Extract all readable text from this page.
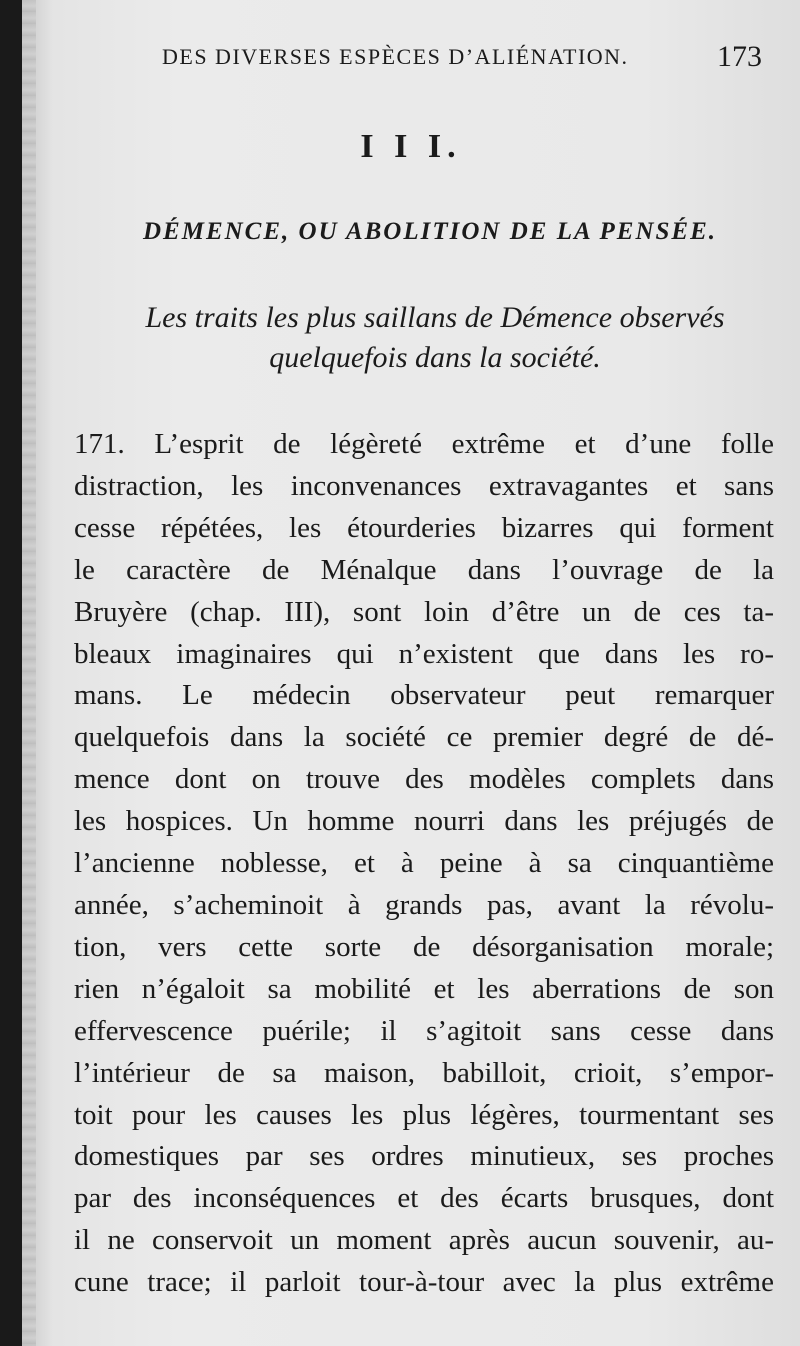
DES DIVERSES ESPÈCES D’ALIÉNATION.	173
I I I.
DÉMENCE, OU ABOLITION DE LA PENSÉE.
Les traits les plus saillans de Démence observés
quelquefois dans la société.
171. L’esprit de légèreté extrême et d’une folle
distraction, les inconvenances extravagantes et sans
cesse répétées, les étourderies bizarres qui forment
le caractère de Ménalque dans l’ouvrage de la
Bruyère (chap. III), sont loin d’être un de ces ta-
bleaux imaginaires qui n’existent que dans les ro-
mans. Le médecin observateur peut remarquer
quelquefois dans la société ce premier degré de dé-
mence dont on trouve des modèles complets dans
les hospices. Un homme nourri dans les préjugés de
l’ancienne noblesse, et à peine à sa cinquantième
année, s’acheminoit à grands pas, avant la révolu-
tion, vers cette sorte de désorganisation morale;
rien n’égaloit sa mobilité et les aberrations de son
effervescence puérile; il s’agitoit sans cesse dans
l’intérieur de sa maison, babilloit, crioit, s’empor-
toit pour les causes les plus légères, tourmentant ses
domestiques par ses ordres minutieux, ses proches
par des inconséquences et des écarts brusques, dont
il ne conservoit un moment après aucun souvenir, au-
cune trace; il parloit tour-à-tour avec la plus extrême
